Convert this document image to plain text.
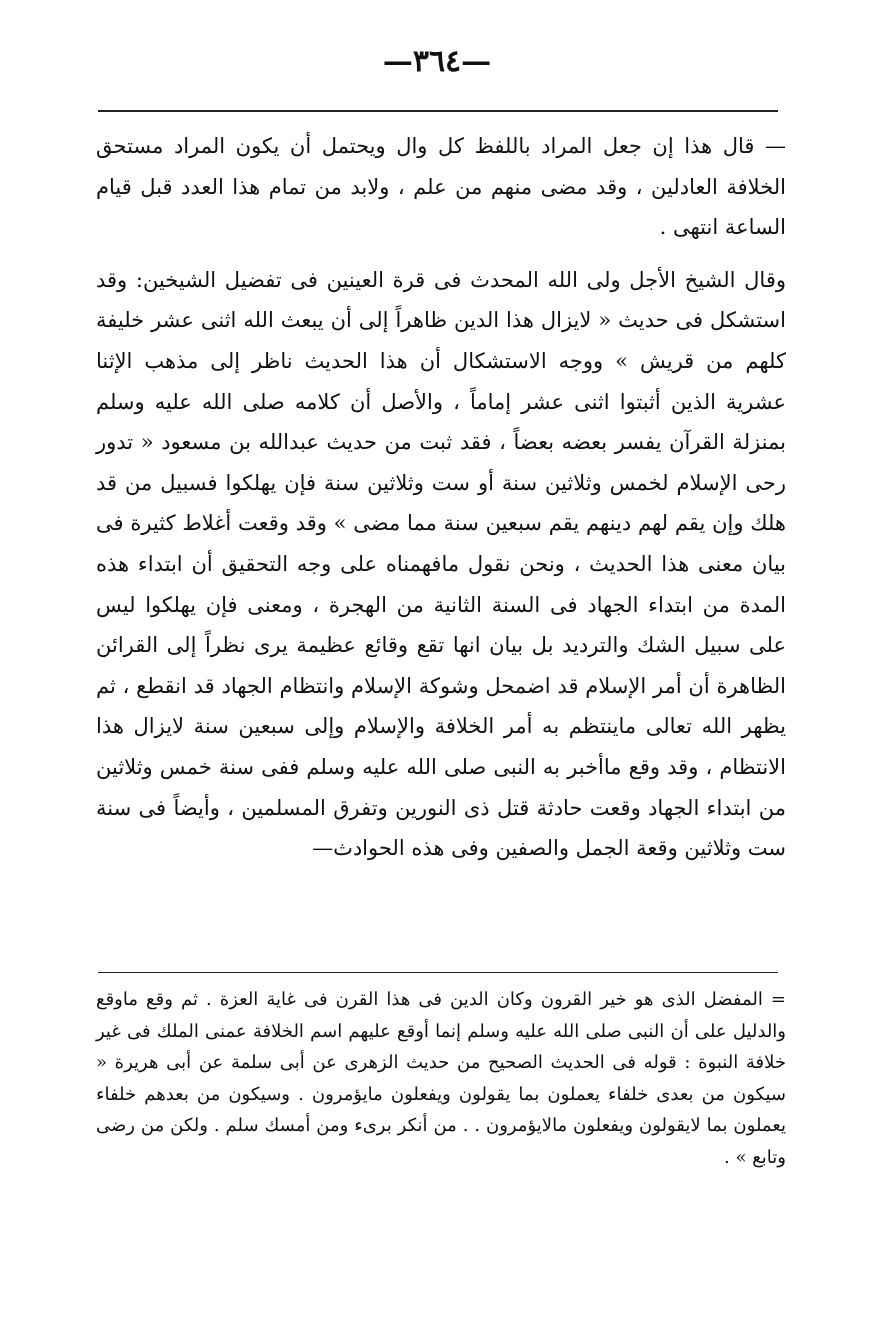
—٣٦٤—

— قال هذا إن جعل المراد باللفظ كل وال ويحتمل أن يكون المراد مستحق الخلافة العادلين ، وقد مضى منهم من علم ، ولابد من تمام هذا العدد قبل قيام الساعة انتهى .

وقال الشيخ الأجل ولى الله المحدث فى قرة العينين فى تفضيل الشيخين: وقد استشكل فى حديث « لايزال هذا الدين ظاهراً إلى أن يبعث الله اثنى عشر خليفة كلهم من قريش » ووجه الاستشكال أن هذا الحديث ناظر إلى مذهب الإثنا عشرية الذين أثبتوا اثنى عشر إماماً ، والأصل أن كلامه صلى الله عليه وسلم بمنزلة القرآن يفسر بعضه بعضاً ، فقد ثبت من حديث عبدالله بن مسعود « تدور رحى الإسلام لخمس وثلاثين سنة أو ست وثلاثين سنة فإن يهلكوا فسبيل من قد هلك وإن يقم لهم دينهم يقم سبعين سنة مما مضى » وقد وقعت أغلاط كثيرة فى بيان معنى هذا الحديث ، ونحن نقول مافهمناه على وجه التحقيق أن ابتداء هذه المدة من ابتداء الجهاد فى السنة الثانية من الهجرة ، ومعنى فإن يهلكوا ليس على سبيل الشك والترديد بل بيان انها تقع وقائع عظيمة يرى نظراً إلى القرائن الظاهرة أن أمر الإسلام قد اضمحل وشوكة الإسلام وانتظام الجهاد قد انقطع ، ثم يظهر الله تعالى ماينتظم به أمر الخلافة والإسلام وإلى سبعين سنة لايزال هذا الانتظام ، وقد وقع ماأخبر به النبى صلى الله عليه وسلم ففى سنة خمس وثلاثين من ابتداء الجهاد وقعت حادثة قتل ذى النورين وتفرق المسلمين ، وأيضاً فى سنة ست وثلاثين وقعة الجمل والصفين وفى هذه الحوادث—

= المفضل الذى هو خير القرون وكان الدين فى هذا القرن فى غاية العزة . ثم وقع ماوقع والدليل على أن النبى صلى الله عليه وسلم إنما أوقع عليهم اسم الخلافة عمنى الملك فى غير خلافة النبوة : قوله فى الحديث الصحيح من حديث الزهرى عن أبى سلمة عن أبى هريرة « سيكون من بعدى خلفاء يعملون بما يقولون ويفعلون مايؤمرون . وسيكون من بعدهم خلفاء يعملون بما لايقولون ويفعلون مالايؤمرون . . من أنكر برىء ومن أمسك سلم . ولكن من رضى وتابع » .
